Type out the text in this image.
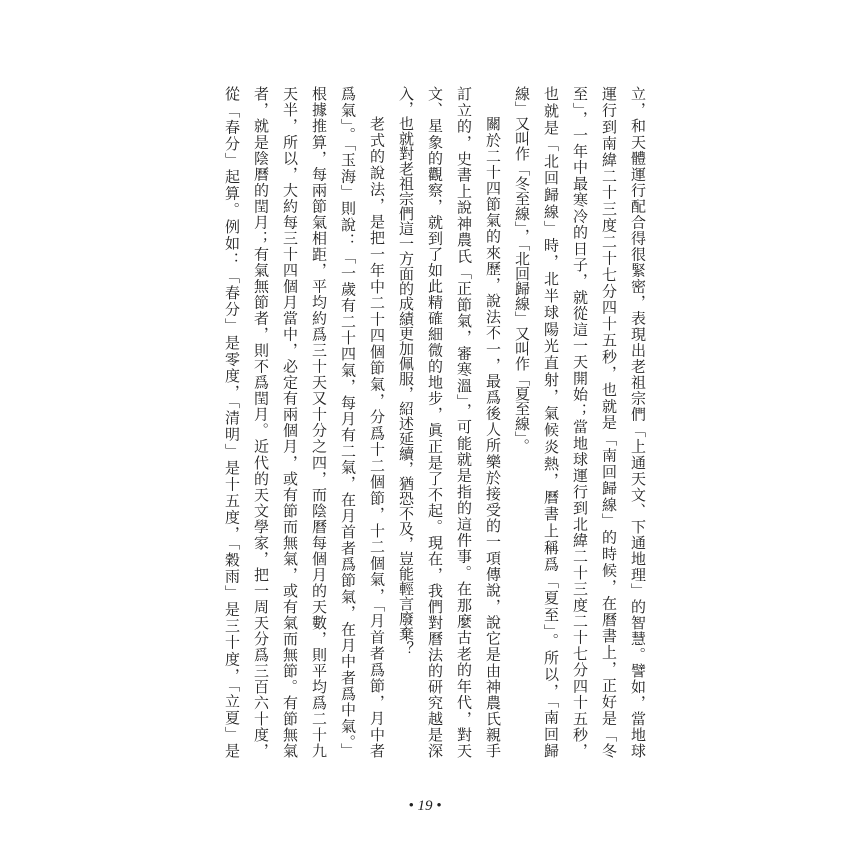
立，和天體運行配合得很緊密，表現出老祖宗們「上通天文、下通地理」的智慧。譬如，當地球
運行到南緯二十三度二十七分四十五秒，也就是「南回歸線」的時候，在曆書上，正好是「冬
至」，一年中最寒冷的日子，就從這一天開始；當地球運行到北緯二十三度二十七分四十五秒，
也就是「北回歸線」時，北半球陽光直射，氣候炎熱，曆書上稱爲「夏至」。所以，「南回歸
線」又叫作「冬至線」，「北回歸線」又叫作「夏至線」。
關於二十四節氣的來歷，說法不一，最爲後人所樂於接受的一項傳說，說它是由神農氏親手
訂立的，史書上說神農氏「正節氣，審寒溫」，可能就是指的這件事。在那麼古老的年代，對天
文、星象的觀察，就到了如此精確細微的地步，眞正是了不起。現在，我們對曆法的研究越是深
入，也就對老祖宗們這一方面的成績更加佩服，紹述延續，猶恐不及，豈能輕言廢棄？
老式的說法，是把一年中二十四個節氣，分爲十二個節，十二個氣，「月首者爲節，月中者
爲氣」。「玉海」則說：「一歲有二十四氣，每月有二氣，在月首者爲節氣，在月中者爲中氣。」
根據推算，每兩節氣相距，平均約爲三十天又十分之四，而陰曆每個月的天數，則平均爲二十九
天半，所以，大約每三十四個月當中，必定有兩個月，或有節而無氣，或有氣而無節。有節無氣
者，就是陰曆的閏月；有氣無節者，則不爲閏月。近代的天文學家，把一周天分爲三百六十度，
從「春分」起算。例如：「春分」是零度，「清明」是十五度，「穀雨」是三十度，「立夏」是
• 19 •
